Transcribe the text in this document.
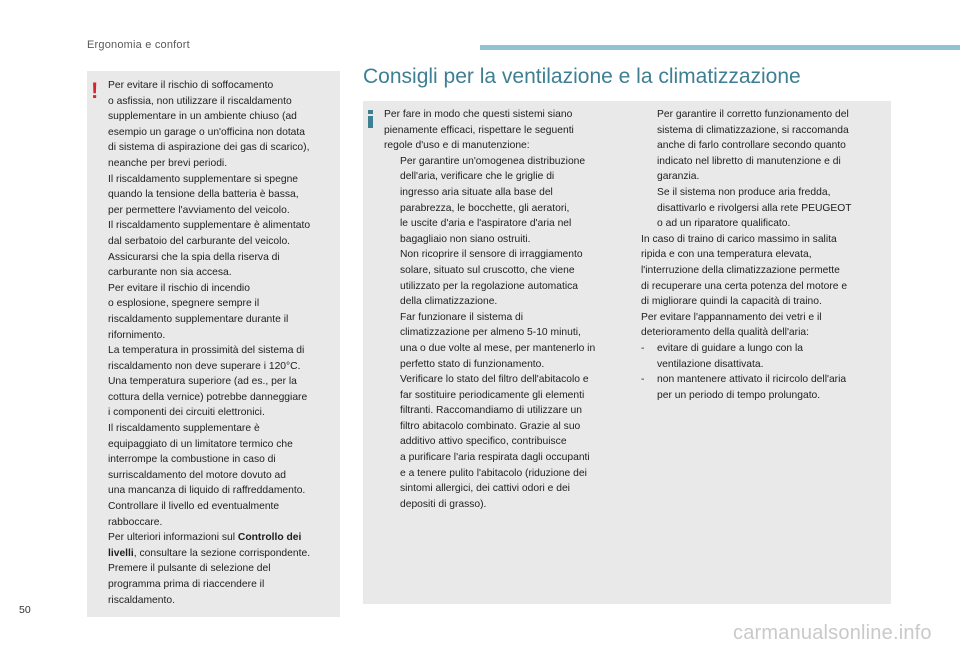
Ergonomia e confort
! Per evitare il rischio di soffocamento

o asfissia, non utilizzare il riscaldamento

supplementare in un ambiente chiuso (ad

esempio un garage o un'officina non dotata

di sistema di aspirazione dei gas di scarico),

neanche per brevi periodi.

Il riscaldamento supplementare si spegne

quando la tensione della batteria è bassa,

per permettere l'avviamento del veicolo.

Il riscaldamento supplementare è alimentato

dal serbatoio del carburante del veicolo.

Assicurarsi che la spia della riserva di

carburante non sia accesa.

Per evitare il rischio di incendio

o esplosione, spegnere sempre il

riscaldamento supplementare durante il

rifornimento.

La temperatura in prossimità del sistema di

riscaldamento non deve superare i 120°C.

Una temperatura superiore (ad es., per la

cottura della vernice) potrebbe danneggiare

i componenti dei circuiti elettronici.

Il riscaldamento supplementare è

equipaggiato di un limitatore termico che

interrompe la combustione in caso di

surriscaldamento del motore dovuto ad

una mancanza di liquido di raffreddamento.

Controllare il livello ed eventualmente

rabboccare.

Per ulteriori informazioni sul Controllo dei

livelli, consultare la sezione corrispondente.

Premere il pulsante di selezione del

programma prima di riaccendere il

riscaldamento.

Consigli per la ventilazione e la climatizzazione

Per fare in modo che questi sistemi siano

pienamente efficaci, rispettare le seguenti

regole d'uso e di manutenzione:

Per garantire un'omogenea distribuzione

dell'aria, verificare che le griglie di

ingresso aria situate alla base del

parabrezza, le bocchette, gli aeratori,

le uscite d'aria e l'aspiratore d'aria nel

bagagliaio non siano ostruiti.

Non ricoprire il sensore di irraggiamento

solare, situato sul cruscotto, che viene

utilizzato per la regolazione automatica

della climatizzazione.

Far funzionare il sistema di

climatizzazione per almeno 5-10 minuti,

una o due volte al mese, per mantenerlo in

perfetto stato di funzionamento.

Verificare lo stato del filtro dell'abitacolo e

far sostituire periodicamente gli elementi

filtranti. Raccomandiamo di utilizzare un

filtro abitacolo combinato. Grazie al suo

additivo attivo specifico, contribuisce

a purificare l'aria respirata dagli occupanti

e a tenere pulito l'abitacolo (riduzione dei

sintomi allergici, dei cattivi odori e dei

depositi di grasso).

Per garantire il corretto funzionamento del

sistema di climatizzazione, si raccomanda

anche di farlo controllare secondo quanto

indicato nel libretto di manutenzione e di

garanzia.

Se il sistema non produce aria fredda,

disattivarlo e rivolgersi alla rete PEUGEOT

o ad un riparatore qualificato.

In caso di traino di carico massimo in salita

ripida e con una temperatura elevata,

l'interruzione della climatizzazione permette

di recuperare una certa potenza del motore e

di migliorare quindi la capacità di traino.

Per evitare l'appannamento dei vetri e il

deterioramento della qualità dell'aria:

-	evitare di guidare a lungo con la

ventilazione disattivata.

-	non mantenere attivato il ricircolo dell'aria

per un periodo di tempo prolungato.

50
carmanualsonline.info
